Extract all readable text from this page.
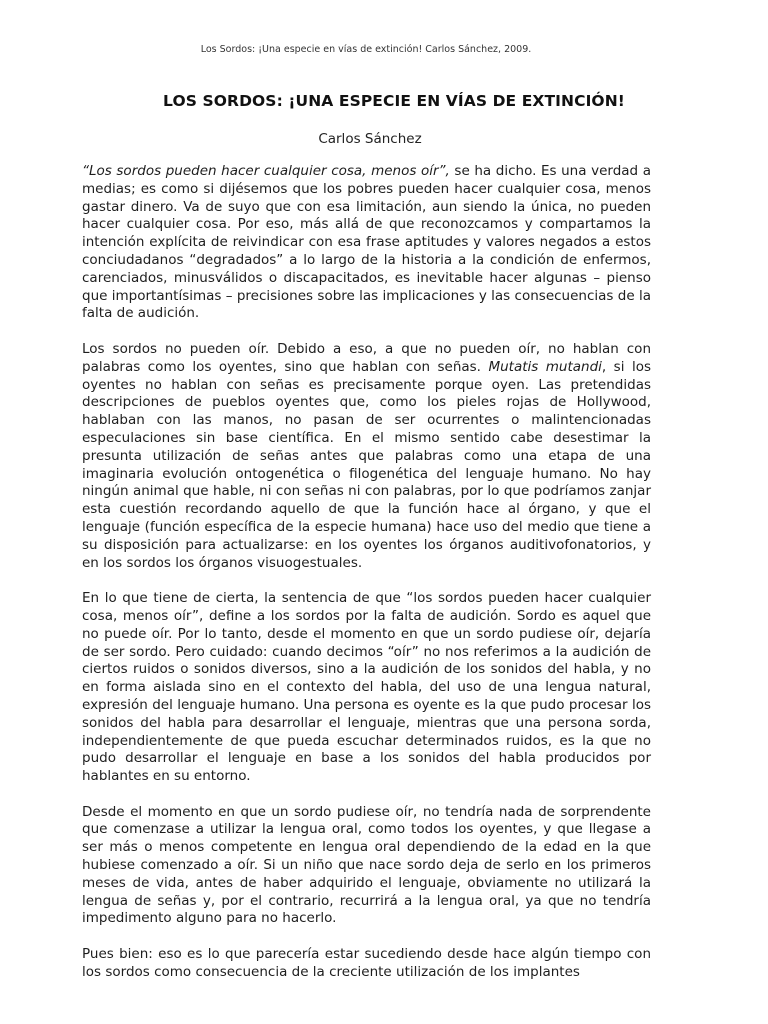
Los Sordos: ¡Una especie en vías de extinción! Carlos Sánchez, 2009.
LOS SORDOS: ¡UNA ESPECIE EN VÍAS DE EXTINCIÓN!
Carlos Sánchez

“Los sordos pueden hacer cualquier cosa, menos oír”, se ha dicho. Es una verdad a medias; es como si dijésemos que los pobres pueden hacer cualquier cosa, menos gastar dinero. Va de suyo que con esa limitación, aun siendo la única, no pueden hacer cualquier cosa. Por eso, más allá de que reconozcamos y compartamos la intención explícita de reivindicar con esa frase aptitudes y valores negados a estos conciudadanos “degradados” a lo largo de la historia a la condición de enfermos, carenciados, minusválidos o discapacitados, es inevitable hacer algunas – pienso que importantísimas – precisiones sobre las implicaciones y las consecuencias de la falta de audición.

Los sordos no pueden oír. Debido a eso, a que no pueden oír, no hablan con palabras como los oyentes, sino que hablan con señas. Mutatis mutandi, si los oyentes no hablan con señas es precisamente porque oyen. Las pretendidas descripciones de pueblos oyentes que, como los pieles rojas de Hollywood, hablaban con las manos, no pasan de ser ocurrentes o malintencionadas especulaciones sin base científica. En el mismo sentido cabe desestimar la presunta utilización de señas antes que palabras como una etapa de una imaginaria evolución ontogenética o filogenética del lenguaje humano. No hay ningún animal que hable, ni con señas ni con palabras, por lo que podríamos zanjar esta cuestión recordando aquello de que la función hace al órgano, y que el lenguaje (función específica de la especie humana) hace uso del medio que tiene a su disposición para actualizarse: en los oyentes los órganos auditivofonatorios, y en los sordos los órganos visuogestuales.

En lo que tiene de cierta, la sentencia de que “los sordos pueden hacer cualquier cosa, menos oír”, define a los sordos por la falta de audición. Sordo es aquel que no puede oír. Por lo tanto, desde el momento en que un sordo pudiese oír, dejaría de ser sordo. Pero cuidado: cuando decimos “oír” no nos referimos a la audición de ciertos ruidos o sonidos diversos, sino a la audición de los sonidos del habla, y no en forma aislada sino en el contexto del habla, del uso de una lengua natural, expresión del lenguaje humano. Una persona es oyente es la que pudo procesar los sonidos del habla para desarrollar el lenguaje, mientras que una persona sorda, independientemente de que pueda escuchar determinados ruidos, es la que no pudo desarrollar el lenguaje en base a los sonidos del habla producidos por hablantes en su entorno.

Desde el momento en que un sordo pudiese oír, no tendría nada de sorprendente que comenzase a utilizar la lengua oral, como todos los oyentes, y que llegase a ser más o menos competente en lengua oral dependiendo de la edad en la que hubiese comenzado a oír. Si un niño que nace sordo deja de serlo en los primeros meses de vida, antes de haber adquirido el lenguaje, obviamente no utilizará la lengua de señas y, por el contrario, recurrirá a la lengua oral, ya que no tendría impedimento alguno para no hacerlo.

Pues bien: eso es lo que parecería estar sucediendo desde hace algún tiempo con los sordos como consecuencia de la creciente utilización de los implantes
